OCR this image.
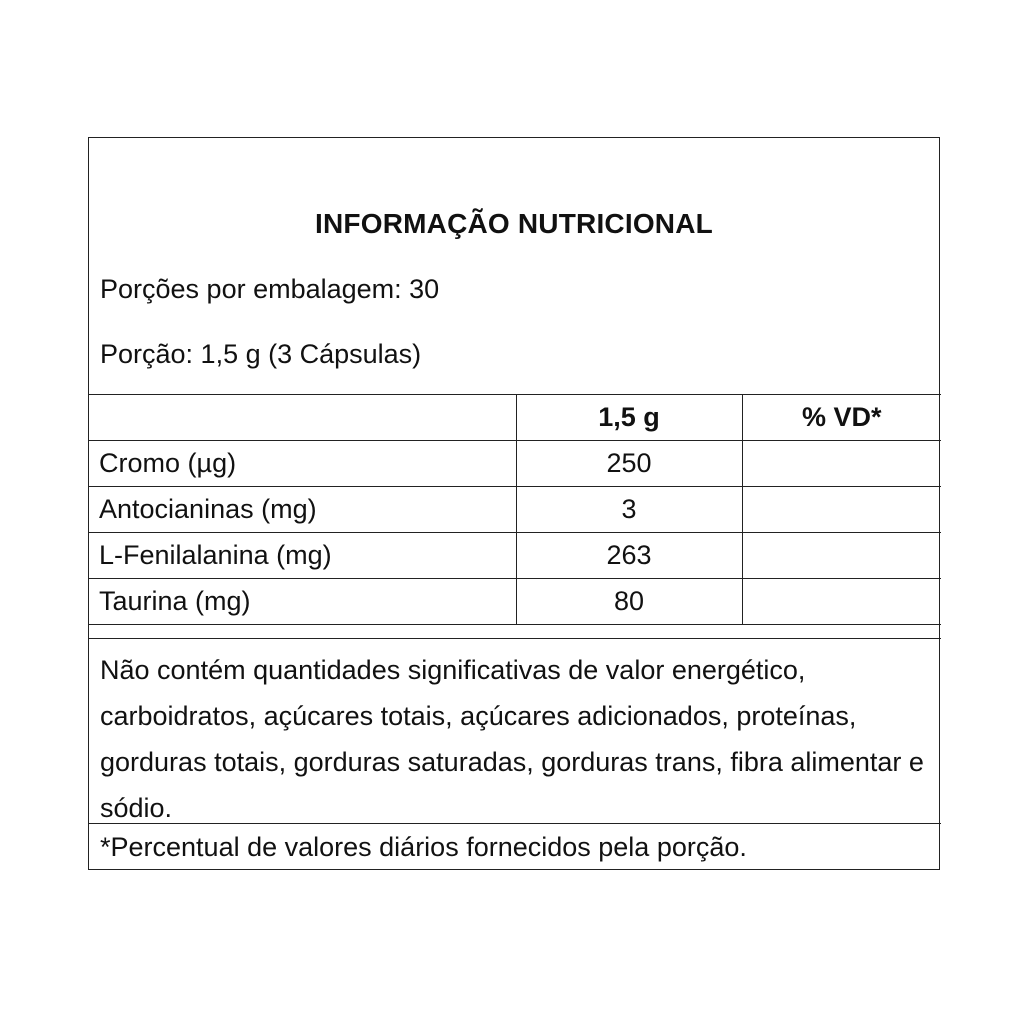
INFORMAÇÃO NUTRICIONAL
Porções por embalagem: 30
Porção: 1,5 g (3 Cápsulas)
	1,5 g	% VD*
Cromo (µg)	250	
Antocianinas (mg)	3	
L-Fenilalanina (mg)	263	
Taurina (mg)	80	
Não contém quantidades significativas de valor energético, carboidratos, açúcares totais, açúcares adicionados, proteínas, gorduras totais, gorduras saturadas, gorduras trans, fibra alimentar e sódio.
*Percentual de valores diários fornecidos pela porção.
